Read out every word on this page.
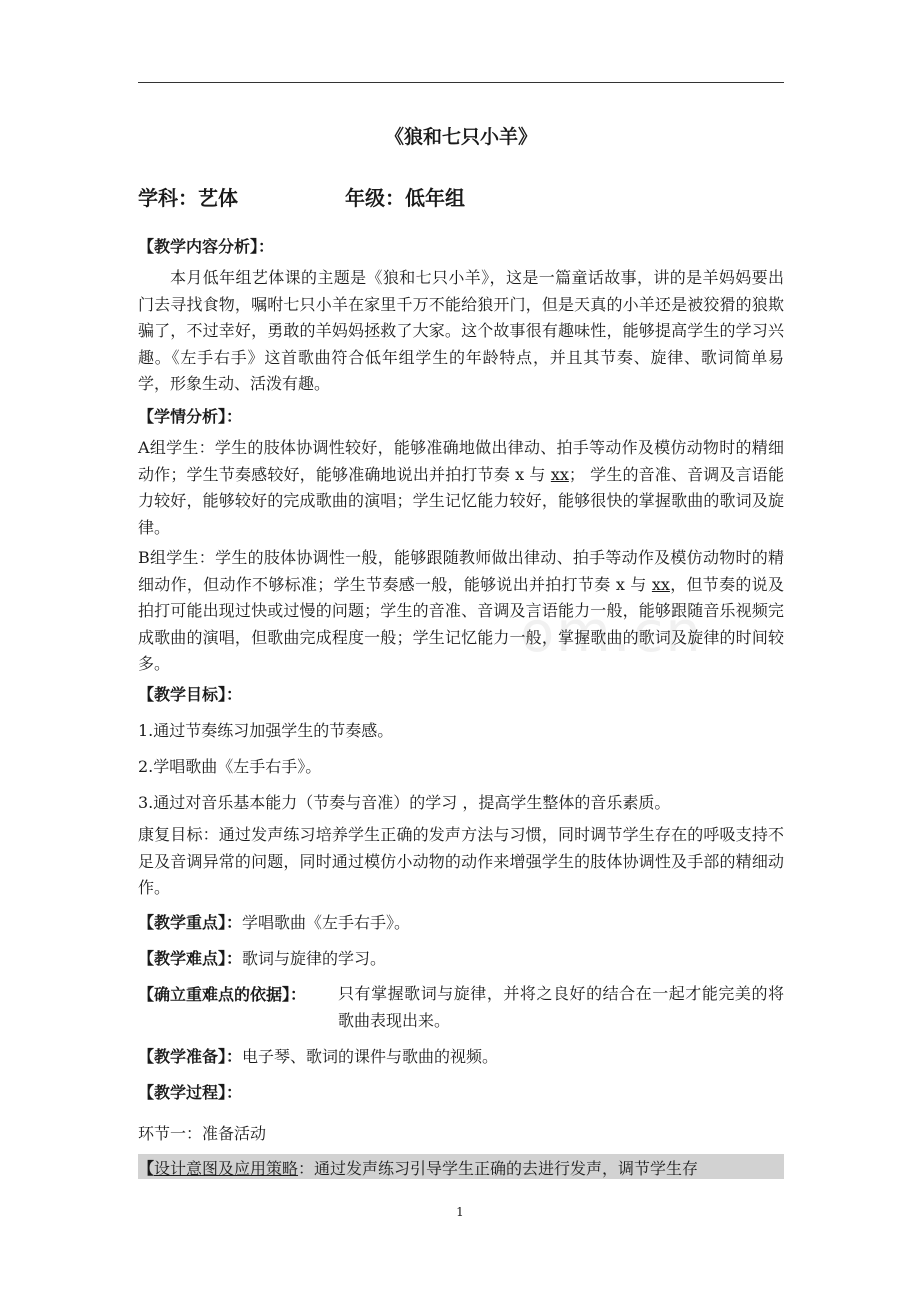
《狼和七只小羊》
学科：艺体	年级：低年组
【教学内容分析】：

本月低年组艺体课的主题是《狼和七只小羊》，这是一篇童话故事，讲的是羊妈妈要出门去寻找食物，嘱咐七只小羊在家里千万不能给狼开门，但是天真的小羊还是被狡猾的狼欺骗了，不过幸好，勇敢的羊妈妈拯救了大家。这个故事很有趣味性，能够提高学生的学习兴趣。《左手右手》这首歌曲符合低年组学生的年龄特点，并且其节奏、旋律、歌词简单易学，形象生动、活泼有趣。

【学情分析】：

A组学生：学生的肢体协调性较好，能够准确地做出律动、拍手等动作及模仿动物时的精细动作；学生节奏感较好，能够准确地说出并拍打节奏 x 与 xx； 学生的音准、音调及言语能力较好，能够较好的完成歌曲的演唱；学生记忆能力较好，能够很快的掌握歌曲的歌词及旋律。

B组学生：学生的肢体协调性一般，能够跟随教师做出律动、拍手等动作及模仿动物时的精细动作，但动作不够标准；学生节奏感一般，能够说出并拍打节奏 x 与 xx，但节奏的说及拍打可能出现过快或过慢的问题；学生的音准、音调及言语能力一般，能够跟随音乐视频完成歌曲的演唱，但歌曲完成程度一般；学生记忆能力一般，掌握歌曲的歌词及旋律的时间较多。

【教学目标】：
1.通过节奏练习加强学生的节奏感。
2.学唱歌曲《左手右手》。
3.通过对音乐基本能力（节奏与音准）的学习 ，提高学生整体的音乐素质。

康复目标：通过发声练习培养学生正确的发声方法与习惯，同时调节学生存在的呼吸支持不足及音调异常的问题，同时通过模仿小动物的动作来增强学生的肢体协调性及手部的精细动作。

【教学重点】：学唱歌曲《左手右手》。
【教学难点】：歌词与旋律的学习。
【确立重难点的依据】： 只有掌握歌词与旋律，并将之良好的结合在一起才能完美的将歌曲表现出来。

【教学准备】：电子琴、歌词的课件与歌曲的视频。
【教学过程】：
环节一：准备活动
【设计意图及应用策略：通过发声练习引导学生正确的去进行发声，调节学生存
1
om.cn
